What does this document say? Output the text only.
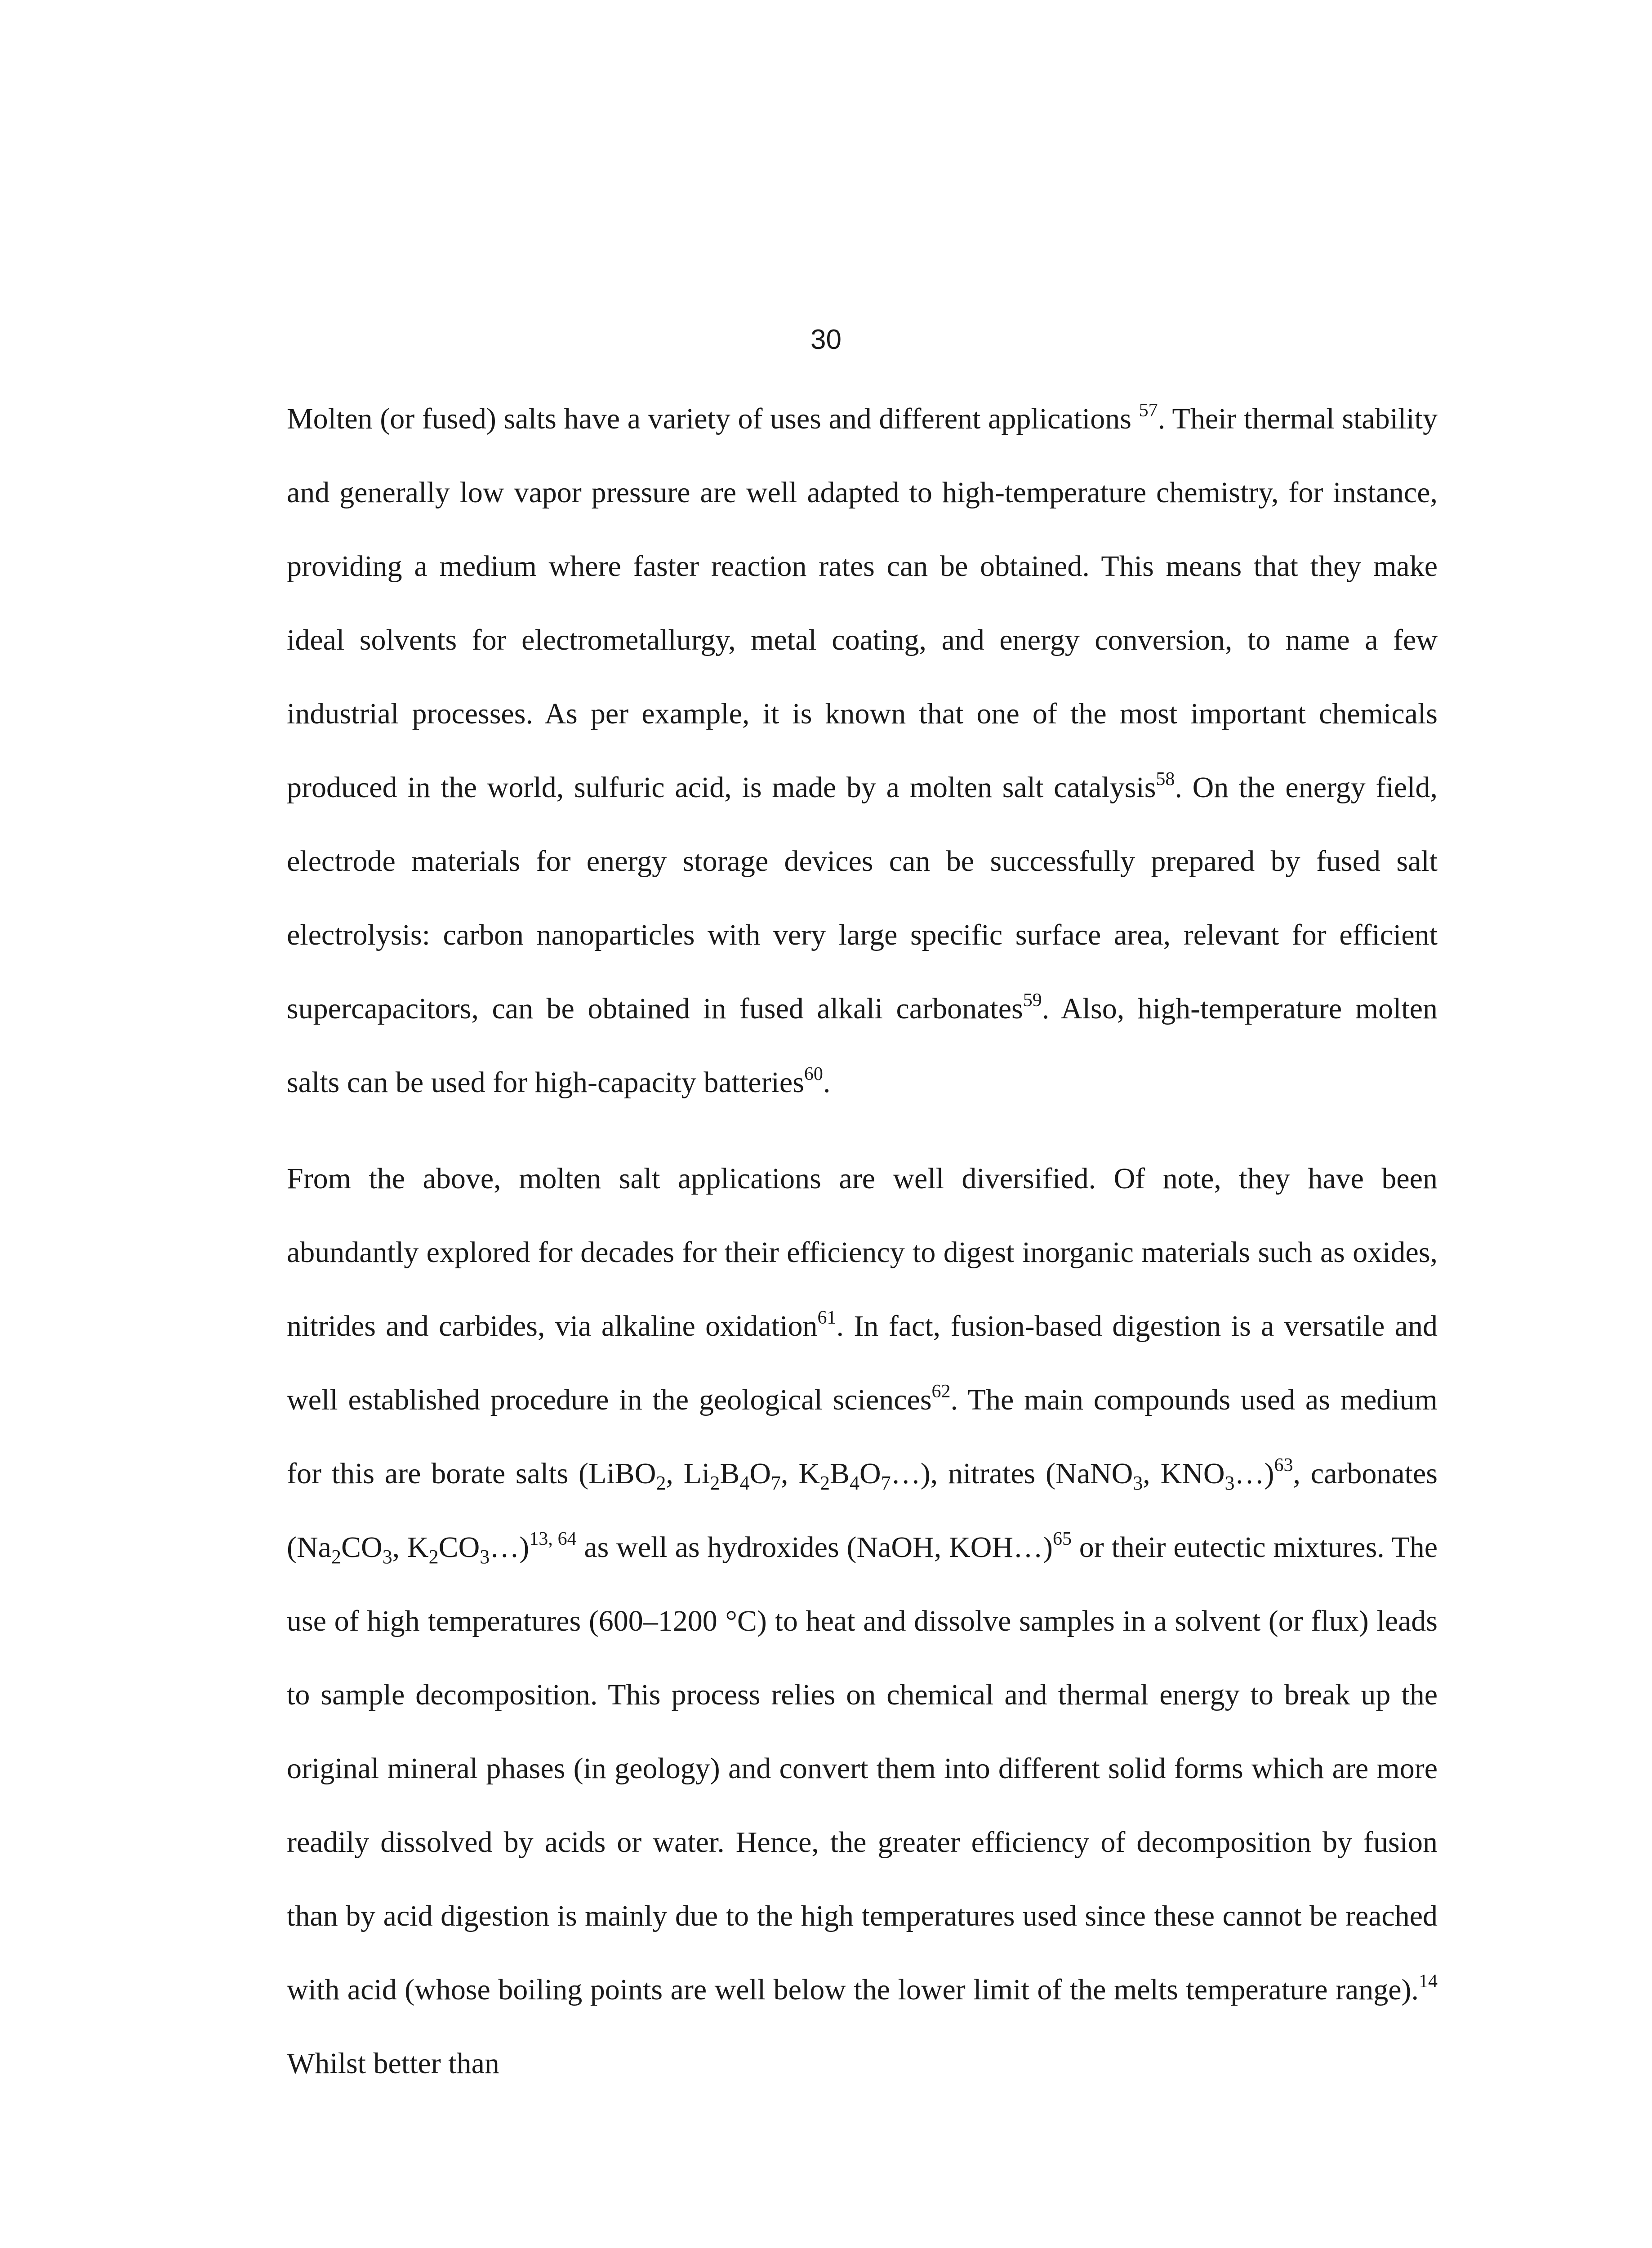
30

Molten (or fused) salts have a variety of uses and different applications $^{57}$. Their thermal stability and generally low vapor pressure are well adapted to high-temperature chemistry, for instance, providing a medium where faster reaction rates can be obtained. This means that they make ideal solvents for electrometallurgy, metal coating, and energy conversion, to name a few industrial processes. As per example, it is known that one of the most important chemicals produced in the world, sulfuric acid, is made by a molten salt catalysis$^{58}$. On the energy field, electrode materials for energy storage devices can be successfully prepared by fused salt electrolysis: carbon nanoparticles with very large specific surface area, relevant for efficient supercapacitors, can be obtained in fused alkali carbonates$^{59}$. Also, high-temperature molten salts can be used for high-capacity batteries$^{60}$.

From the above, molten salt applications are well diversified. Of note, they have been abundantly explored for decades for their efficiency to digest inorganic materials such as oxides, nitrides and carbides, via alkaline oxidation$^{61}$. In fact, fusion-based digestion is a versatile and well established procedure in the geological sciences$^{62}$. The main compounds used as medium for this are borate salts (LiBO$_2$, $Li_2B_4O_7$, $K_2B_4O_7\dots$), nitrates (NaNO$_3$, $KNO_3\dots)^{63}$, carbonates ($Na_2CO_3$, $K_2CO_3\dots)^{13, 64}$ as well as hydroxides (NaOH, KOH…)$^{65}$ or their eutectic mixtures. The use of high temperatures (600–1200 °C) to heat and dissolve samples in a solvent (or flux) leads to sample decomposition. This process relies on chemical and thermal energy to break up the original mineral phases (in geology) and convert them into different solid forms which are more readily dissolved by acids or water. Hence, the greater efficiency of decomposition by fusion than by acid digestion is mainly due to the high temperatures used since these cannot be reached with acid (whose boiling points are well below the lower limit of the melts temperature range).$^{14}$ Whilst better than
